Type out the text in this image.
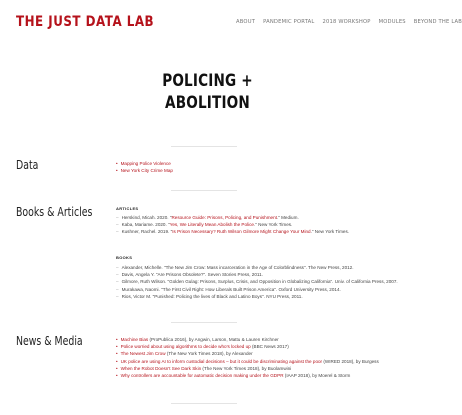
THE JUST DATA LAB	ABOUT PANDEMIC PORTAL 2018 WORKSHOP MODULES BEYOND THE LAB
POLICING +
ABOLITION
Data	• Mapping Police Violence
• New York City Crime Map
Books & Articles	ARTICLES
– Herskind, Micah. 2020. "Resource Guide: Prisons, Policing, and Punishment." Medium.
– Kaba, Mariame. 2020. "Yes, We Literally Mean Abolish the Police." New York Times.
– Kushner, Rachel. 2019. "Is Prison Necessary? Ruth Wilson Gilmore Might Change Your Mind." New York Times.
BOOKS
– Alexander, Michelle. "The New Jim Crow: Mass incarceration in the Age of Colorblindness". The New Press, 2012.
– Davis, Angela Y. "Are Prisons Obsolete?". Seven Stories Press, 2011.
– Gilmore, Ruth Wilson. "Golden Gulag: Prisons, Surplus, Crisis, and Opposition in Globalizing California". Univ. of California Press, 2007.
– Murakawa, Naomi. "The First Civil Right: How Liberals Built Prison America". Oxford University Press, 2014.
– Rios, Victor M. "Punished: Policing the lives of Black and Latino Boys". NYU Press, 2011.
News & Media	• Machine Bias (ProPublica 2016), by Angwin, Larson, Mattu & Lauren Kirchner
• Police worried about using algorithms to decide who's locked up (BBC News 2017)
• The Newest Jim Crow (The New York Times 2018), by Alexander
• UK police are using AI to inform custodial decisions – but it could be discriminating against the poor (WIRED 2018), by Burgess
• When the Robot Doesn't See Dark Skin (The New York Times 2018), by Buolamwini
• Why controllers are accountable for automatic decision making under the GDPR (IAAP 2018), by Moerel & Storm
